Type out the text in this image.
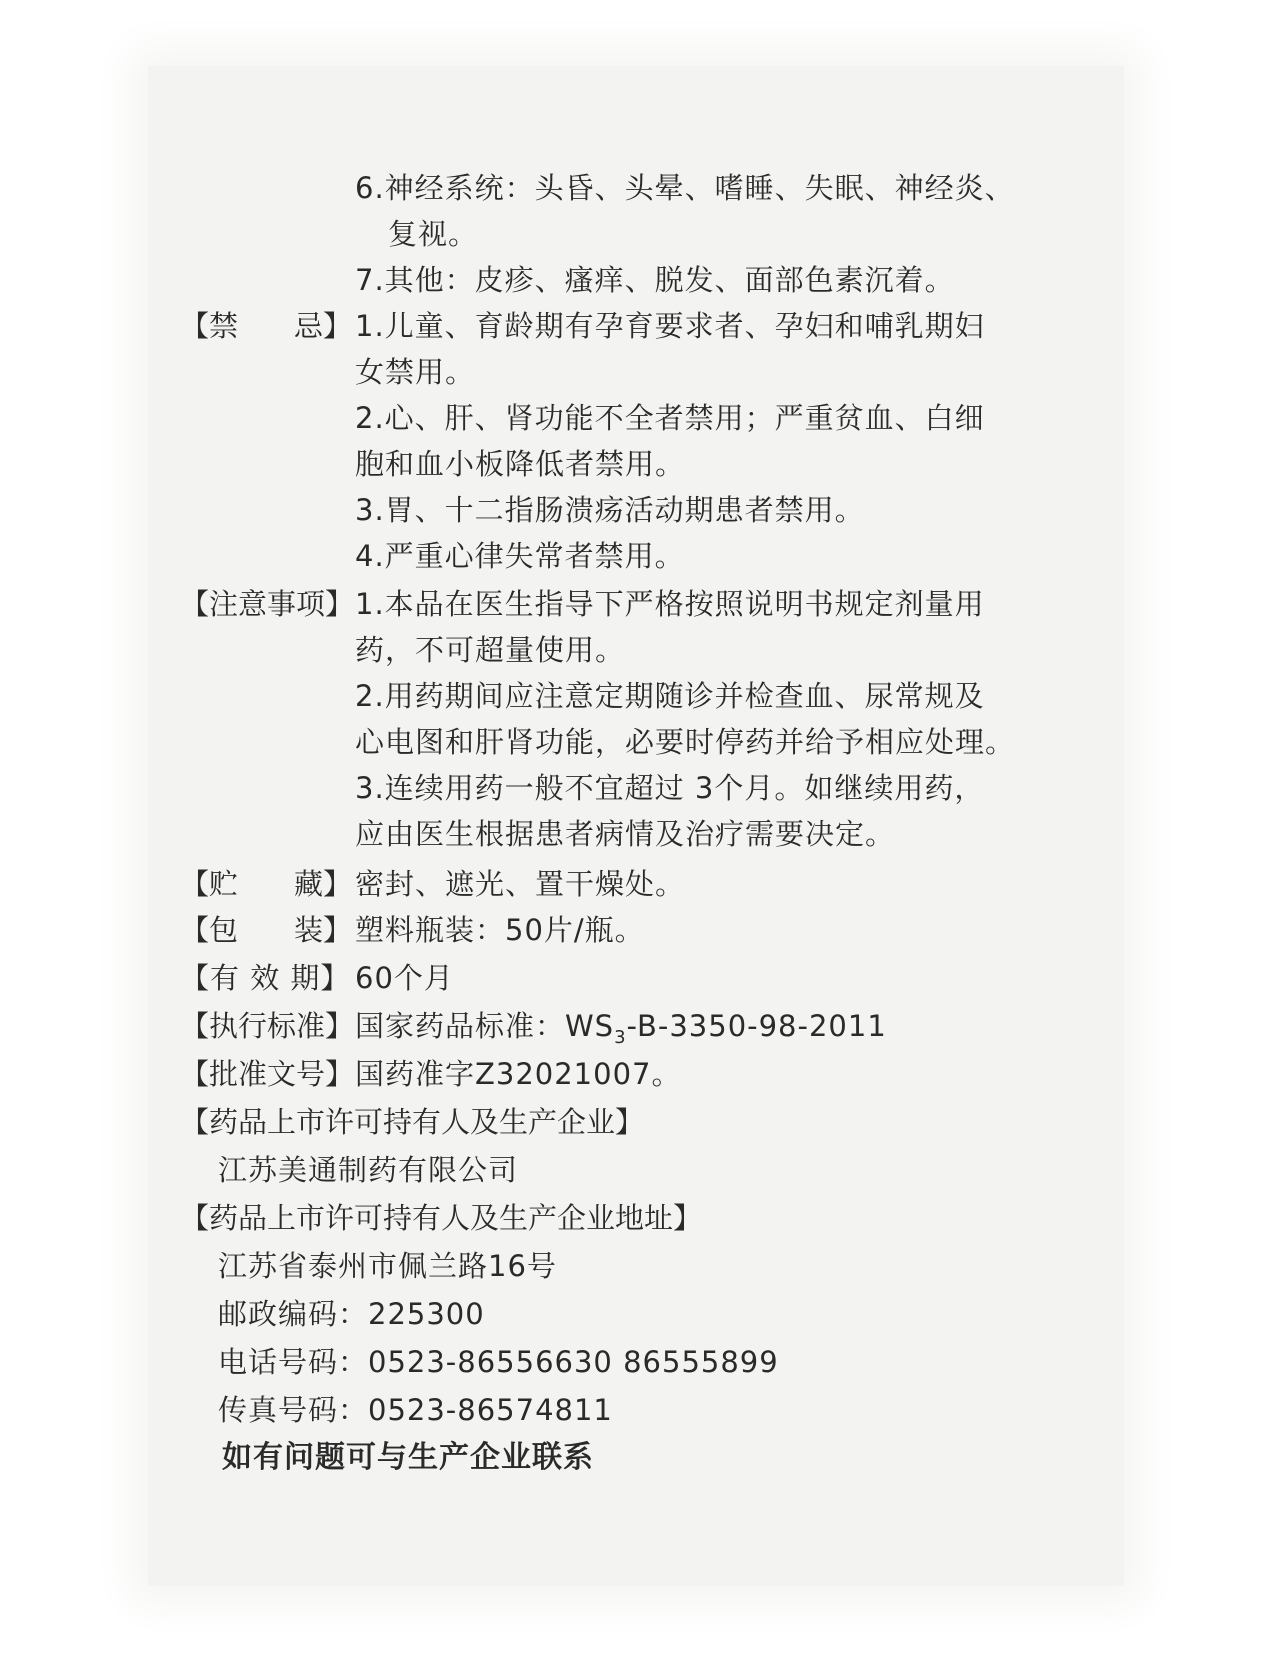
6.神经系统：头昏、头晕、嗜睡、失眠、神经炎、
复视。
7.其他：皮疹、瘙痒、脱发、面部色素沉着。
【禁 忌】 1.儿童、育龄期有孕育要求者、孕妇和哺乳期妇
女禁用。
2.心、肝、肾功能不全者禁用；严重贫血、白细
胞和血小板降低者禁用。
3.胃、十二指肠溃疡活动期患者禁用。
4.严重心律失常者禁用。
【注意事项】 1.本品在医生指导下严格按照说明书规定剂量用
药，不可超量使用。
2.用药期间应注意定期随诊并检查血、尿常规及
心电图和肝肾功能，必要时停药并给予相应处理。
3.连续用药一般不宜超过 3个月。如继续用药，
应由医生根据患者病情及治疗需要决定。
【贮 藏】 密封、遮光、置干燥处。
【包 装】 塑料瓶装：50片/瓶。
【有 效 期】 60个月
【执行标准】 国家药品标准：$WS_3-B-3350-98-2011$
【批准文号】 国药准字Z32021007。
【药品上市许可持有人及生产企业】
江苏美通制药有限公司
【药品上市许可持有人及生产企业地址】
江苏省泰州市佩兰路16号
邮政编码：225300
电话号码：0523-86556630 86555899
传真号码：0523-86574811
如有问题可与生产企业联系
